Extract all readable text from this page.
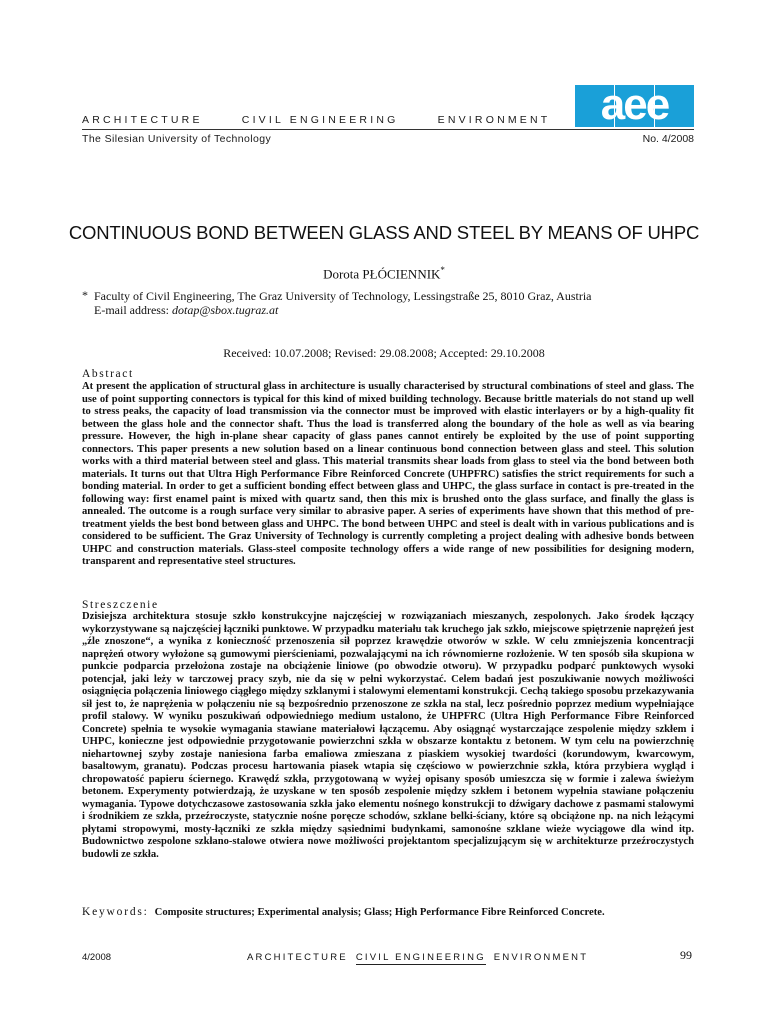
ARCHITECTURE	CIVIL ENGINEERING	ENVIRONMENT	aee
The Silesian University of Technology	No. 4/2008
CONTINUOUS BOND BETWEEN GLASS AND STEEL BY MEANS OF UHPC
Dorota PŁÓCIENNIK*
* Faculty of Civil Engineering, The Graz University of Technology, Lessingstraße 25, 8010 Graz, Austria
E-mail address: dotap@sbox.tugraz.at
Received: 10.07.2008; Revised: 29.08.2008; Accepted: 29.10.2008
Abstract
At present the application of structural glass in architecture is usually characterised by structural combinations of steel and glass. The use of point supporting connectors is typical for this kind of mixed building technology. Because brittle materials do not stand up well to stress peaks, the capacity of load transmission via the connector must be improved with elastic interlayers or by a high-quality fit between the glass hole and the connector shaft. Thus the load is transferred along the boundary of the hole as well as via bearing pressure. However, the high in-plane shear capacity of glass panes cannot entirely be exploited by the use of point supporting connectors. This paper presents a new solution based on a linear continuous bond connection between glass and steel. This solution works with a third material between steel and glass. This material transmits shear loads from glass to steel via the bond between both materials. It turns out that Ultra High Performance Fibre Reinforced Concrete (UHPFRC) satisfies the strict requirements for such a bonding material. In order to get a sufficient bonding effect between glass and UHPC, the glass surface in contact is pre-treated in the following way: first enamel paint is mixed with quartz sand, then this mix is brushed onto the glass surface, and finally the glass is annealed. The outcome is a rough surface very similar to abrasive paper. A series of experiments have shown that this method of pre-treatment yields the best bond between glass and UHPC. The bond between UHPC and steel is dealt with in various publications and is considered to be sufficient. The Graz University of Technology is currently completing a project dealing with adhesive bonds between UHPC and construction materials. Glass-steel composite technology offers a wide range of new possibilities for designing modern, transparent and representative steel structures.
Streszczenie
Dzisiejsza architektura stosuje szkło konstrukcyjne najczęściej w rozwiązaniach mieszanych, zespolonych. Jako środek łączący wykorzystywane są najczęściej łączniki punktowe. W przypadku materiału tak kruchego jak szkło, miejscowe spiętrzenie naprężeń jest „źle znoszone“, a wynika z konieczność przenoszenia sił poprzez krawędzie otworów w szkle. W celu zmniejszenia koncentracji naprężeń otwory wyłożone są gumowymi pierścieniami, pozwalającymi na ich równomierne rozłożenie. W ten sposób siła skupiona w punkcie podparcia przełożona zostaje na obciążenie liniowe (po obwodzie otworu). W przypadku podparć punktowych wysoki potencjał, jaki leży w tarczowej pracy szyb, nie da się w pełni wykorzystać. Celem badań jest poszukiwanie nowych możliwości osiągnięcia połączenia liniowego ciągłego między szklanymi i stalowymi elementami konstrukcji. Cechą takiego sposobu przekazywania sił jest to, że naprężenia w połączeniu nie są bezpośrednio przenoszone ze szkła na stal, lecz pośrednio poprzez medium wypełniające profil stalowy. W wyniku poszukiwań odpowiedniego medium ustalono, że UHPFRC (Ultra High Performance Fibre Reinforced Concrete) spełnia te wysokie wymagania stawiane materiałowi łączącemu. Aby osiągnąć wystarczające zespolenie między szkłem i UHPC, konieczne jest odpowiednie przygotowanie powierzchni szkła w obszarze kontaktu z betonem. W tym celu na powierzchnię niehartownej szyby zostaje naniesiona farba emaliowa zmieszana z piaskiem wysokiej twardości (korundowym, kwarcowym, basaltowym, granatu). Podczas procesu hartowania piasek wtapia się częściowo w powierzchnie szkła, która przybiera wygląd i chropowatość papieru ściernego. Krawędź szkła, przygotowaną w wyżej opisany sposób umieszcza się w formie i zalewa świeżym betonem. Experymenty potwierdzają, że uzyskane w ten sposób zespolenie między szkłem i betonem wypełnia stawiane połączeniu wymagania. Typowe dotychczasowe zastosowania szkła jako elementu nośnego konstrukcji to dźwigary dachowe z pasmami stalowymi i środnikiem ze szkła, przeźroczyste, statycznie nośne poręcze schodów, szklane belki-ściany, które są obciążone np. na nich leżącymi płytami stropowymi, mosty-łączniki ze szkła między sąsiednimi budynkami, samonośne szklane wieże wyciągowe dla wind itp. Budownictwo zespolone szkłano-stalowe otwiera nowe możliwości projektantom specjalizującym się w architekturze przeźroczystych budowli ze szkła.
Keywords: Composite structures; Experimental analysis; Glass; High Performance Fibre Reinforced Concrete.
4/2008	ARCHITECTURE CIVIL ENGINEERING ENVIRONMENT	99
